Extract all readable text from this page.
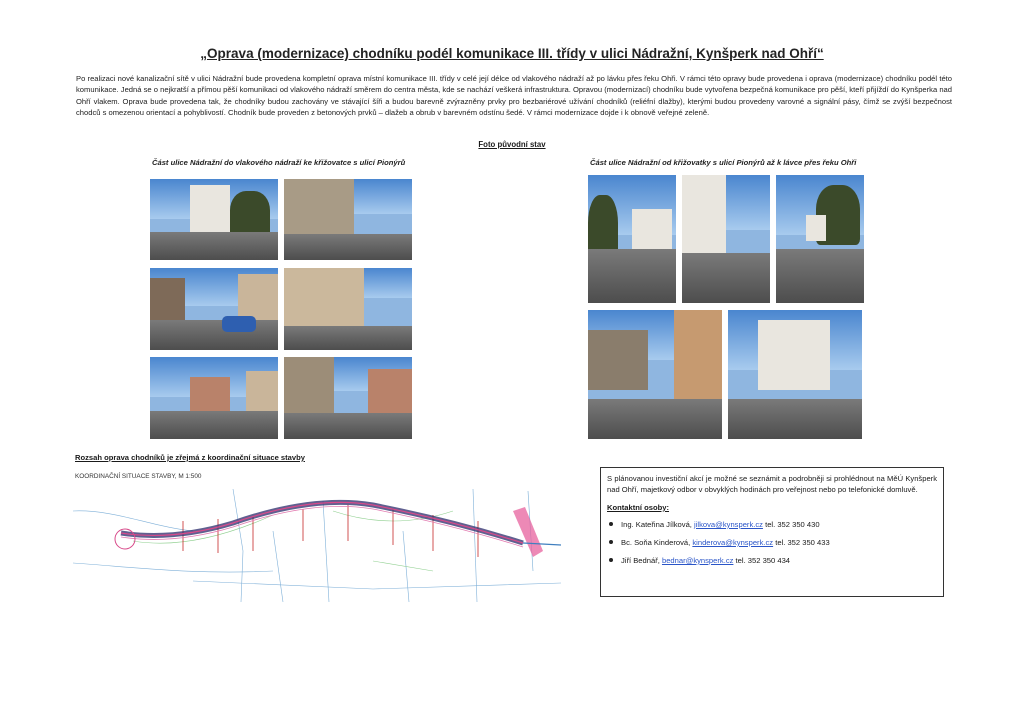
„Oprava (modernizace) chodníku podél komunikace III. třídy v ulici Nádražní, Kynšperk nad Ohří“
Po realizaci nové kanalizační sítě v ulici Nádražní bude provedena kompletní oprava místní komunikace III. třídy v celé její délce od vlakového nádraží až po lávku přes řeku Ohři. V rámci této opravy bude provedena i oprava (modernizace) chodníku podél této komunikace. Jedná se o nejkratší a přímou pěší komunikaci od vlakového nádraží směrem do centra města, kde se nachází veškerá infrastruktura. Opravou (modernizací) chodníku bude vytvořena bezpečná komunikace pro pěší, kteří přijíždí do Kynšperka nad Ohří vlakem. Oprava bude provedena tak, že chodníky budou zachovány ve stávající šíři a budou barevně zvýrazněny prvky pro bezbariérové užívání chodníků (reliéfní dlažby), kterými budou provedeny varovné a signální pásy, čímž se zvýší bezpečnost chodců s omezenou orientací a pohyblivostí. Chodník bude proveden z betonových prvků – dlažeb a obrub v barevném odstínu šedé. V rámci modernizace dojde i k obnově veřejné zeleně.
Foto původní stav
Část ulice Nádražní do vlakového nádraží ke křižovatce s ulicí Pionýrů	Část ulice Nádražní od křižovatky s ulicí Pionýrů až k lávce přes řeku Ohři
Rozsah oprava chodníků je zřejmá z koordinační situace stavby
KOORDINAČNÍ SITUACE STAVBY, M 1:500	S plánovanou investiční akcí je možné se seznámit a podrobněji si prohlédnout na MěÚ Kynšperk nad Ohří, majetkový odbor v obvyklých hodinách pro veřejnost nebo po telefonické domluvě.

Kontaktní osoby:
Ing. Kateřina Jílková, jilkova@kynsperk.cz tel. 352 350 430
Bc. Soňa Kinderová, kinderova@kynsperk.cz tel. 352 350 433
Jiří Bednář, bednar@kynsperk.cz tel. 352 350 434
